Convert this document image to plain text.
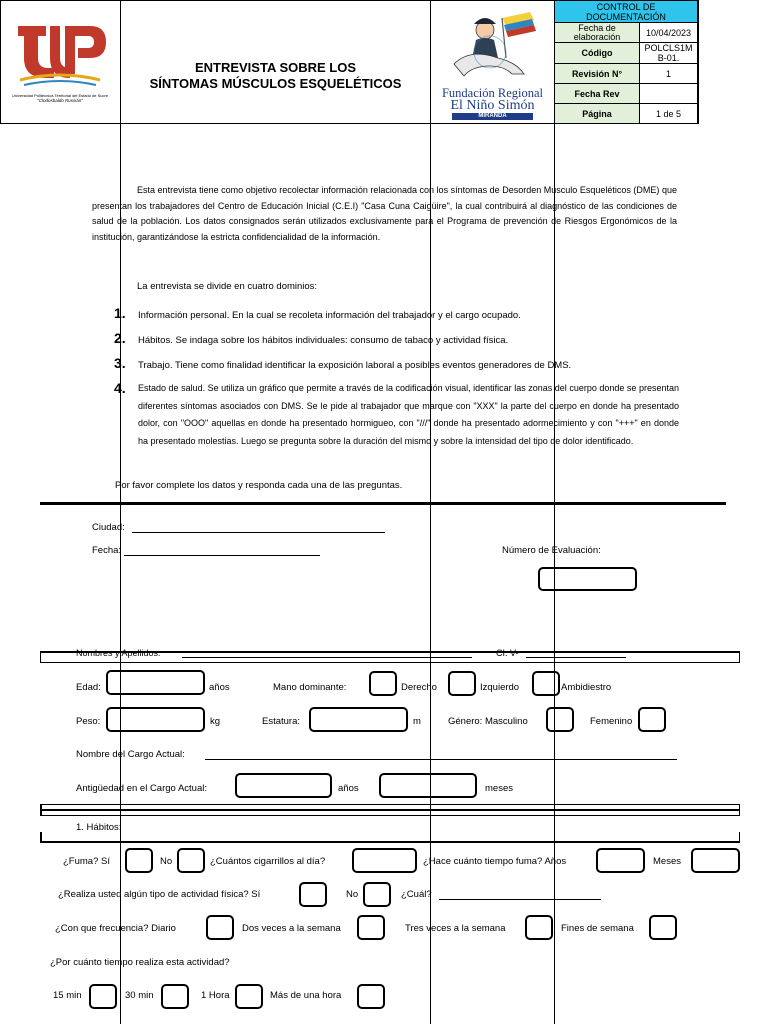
Universidad Politécnica Territorial del Estado de Sucre
"Clodosbaldo Russián"
ENTREVISTA SOBRE LOS
SÍNTOMAS MÚSCULOS ESQUELÉTICOS
Fundación Regional
El Niño Simón
MIRANDA
CONTROL DE DOCUMENTACIÓN	
Fecha de elaboración	10/04/2023
Código	POLCLS1MB-01.
Revisión N°	1
Fecha Rev	
Página	1 de 5
Esta entrevista tiene como objetivo recolectar información relacionada con los síntomas de Desorden Musculo Esqueléticos (DME) que presentan los trabajadores del Centro de Educación Inicial (C.E.I) "Casa Cuna Caigüire", la cual contribuirá al diagnóstico de las condiciones de salud de la población. Los datos consignados serán utilizados exclusivamente para el Programa de prevención de Riesgos Ergonómicos de la institución, garantizándose la estricta confidencialidad de la información.
La entrevista se divide en cuatro dominios:
1.	Información personal. En la cual se recoleta información del trabajador y el cargo ocupado.
2.	Hábitos. Se indaga sobre los hábitos individuales: consumo de tabaco y actividad física.
3.	Trabajo. Tiene como finalidad identificar la exposición laboral a posibles eventos generadores de DMS.
4.	Estado de salud. Se utiliza un gráfico que permite a través de la codificación visual, identificar las zonas del cuerpo donde se presentan diferentes síntomas asociados con DMS. Se le pide al trabajador que marque con "XXX" la parte del cuerpo en donde ha presentado dolor, con "OOO" aquellas en donde ha presentado hormigueo, con "///" donde ha presentado adormecimiento y con "+++" en donde ha presentado molestias. Luego se pregunta sobre la duración del mismo y sobre la intensidad del tipo de dolor identificado.
Por favor complete los datos y responda cada una de las preguntas.
Ciudad:
Fecha:	Número de Evaluación:
Nombres y Apellidos:	CI. V-
Edad:	años	Mano dominante:	Derecho	Izquierdo	Ambidiestro
Peso:	kg	Estatura:	m	Género: Masculino	Femenino
Nombre del Cargo Actual:
Antigüedad en el Cargo Actual:	años	meses
1. Hábitos:
¿Fuma? Sí	No	¿Cuántos cigarrillos al día?	¿Hace cuánto tiempo fuma? Años	Meses
¿Realiza usted algún tipo de actividad física? Sí	No	¿Cuál?
¿Con que frecuencia? Diario	Dos veces a la semana	Tres veces a la semana	Fines de semana
¿Por cuánto tiempo realiza esta actividad?
15 min	30 min	1 Hora	Más de una hora
